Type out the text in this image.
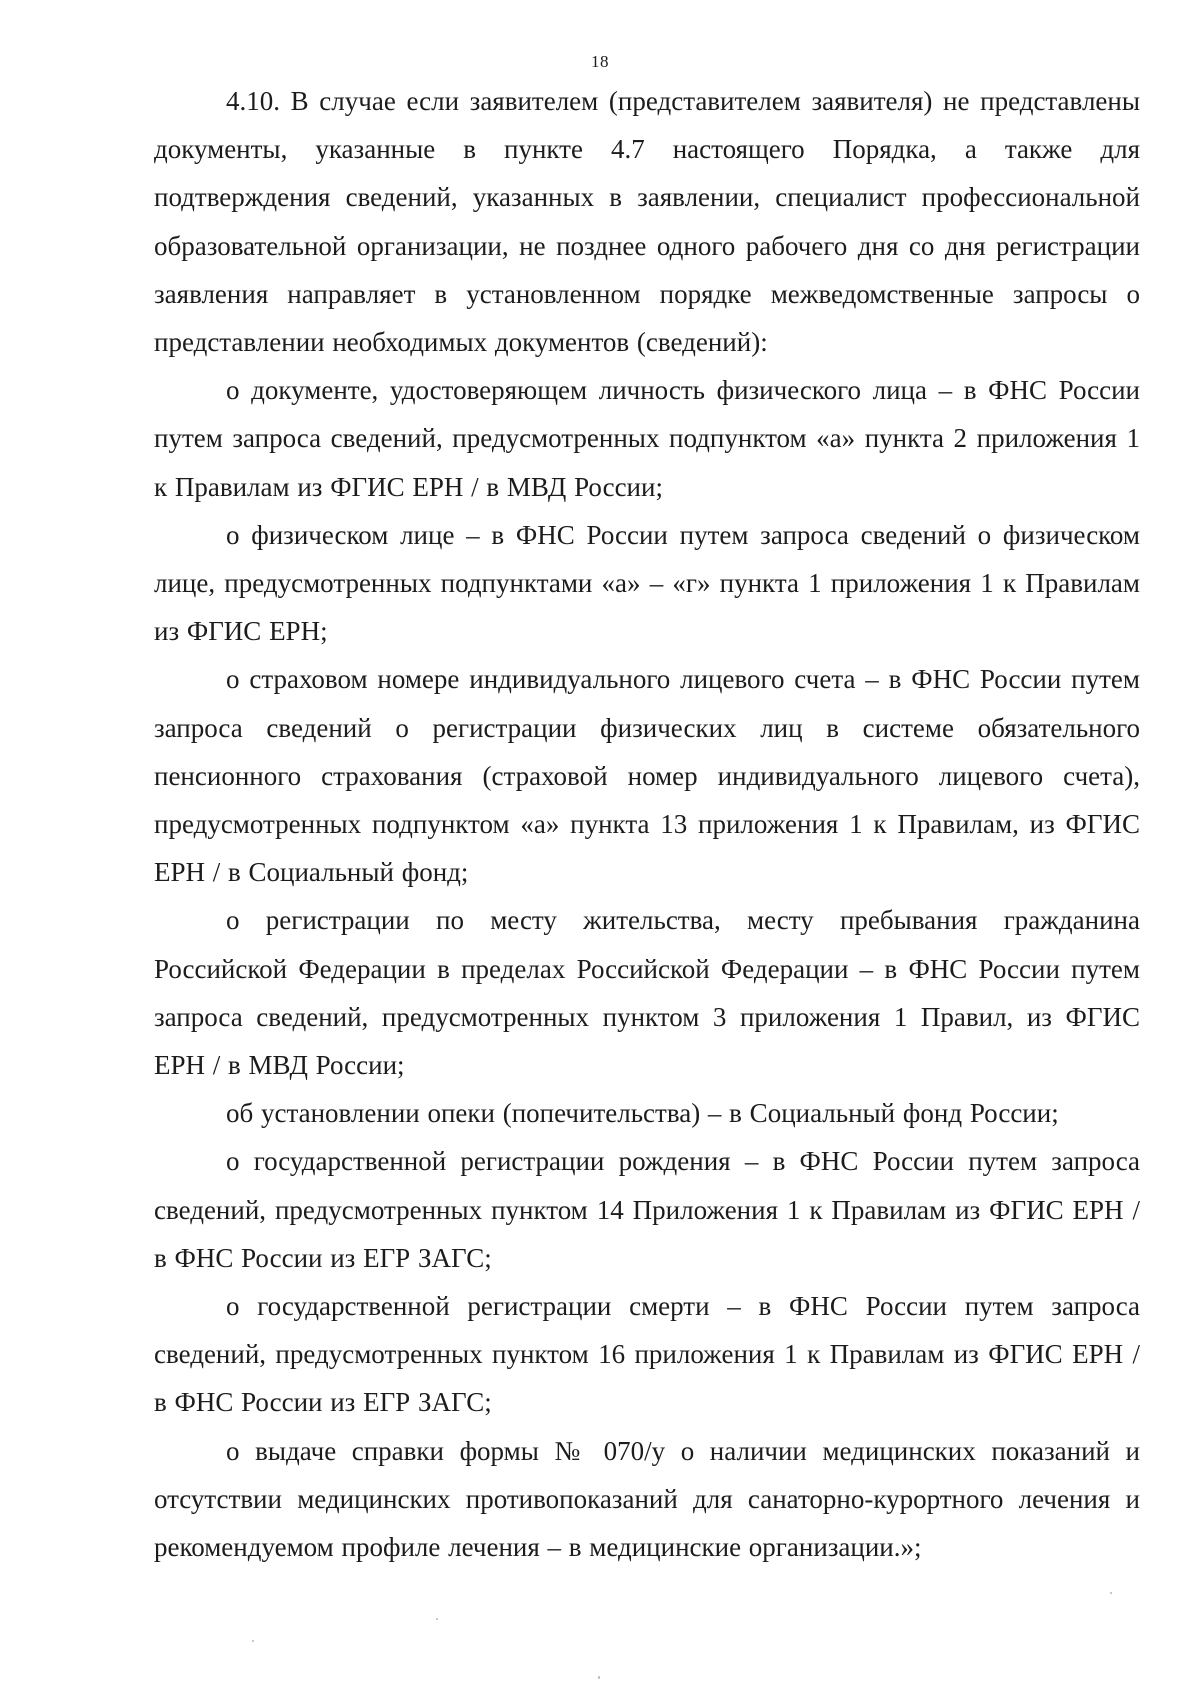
18

4.10. В случае если заявителем (представителем заявителя) не представлены документы, указанные в пункте 4.7 настоящего Порядка, а также для подтверждения сведений, указанных в заявлении, специалист профессиональной образовательной организации, не позднее одного рабочего дня со дня регистрации заявления направляет в установленном порядке межведомственные запросы о представлении необходимых документов (сведений):

о документе, удостоверяющем личность физического лица – в ФНС России путем запроса сведений, предусмотренных подпунктом «а» пункта 2 приложения 1 к Правилам из ФГИС ЕРН / в МВД России;

о физическом лице – в ФНС России путем запроса сведений о физическом лице, предусмотренных подпунктами «а» – «г» пункта 1 приложения 1 к Правилам из ФГИС ЕРН;

о страховом номере индивидуального лицевого счета – в ФНС России путем запроса сведений о регистрации физических лиц в системе обязательного пенсионного страхования (страховой номер индивидуального лицевого счета), предусмотренных подпунктом «а» пункта 13 приложения 1 к Правилам, из ФГИС ЕРН / в Социальный фонд;

о регистрации по месту жительства, месту пребывания гражданина Российской Федерации в пределах Российской Федерации – в ФНС России путем запроса сведений, предусмотренных пунктом 3 приложения 1 Правил, из ФГИС ЕРН / в МВД России;

об установлении опеки (попечительства) – в Социальный фонд России;

о государственной регистрации рождения – в ФНС России путем запроса сведений, предусмотренных пунктом 14 Приложения 1 к Правилам из ФГИС ЕРН / в ФНС России из ЕГР ЗАГС;

о государственной регистрации смерти – в ФНС России путем запроса сведений, предусмотренных пунктом 16 приложения 1 к Правилам из ФГИС ЕРН / в ФНС России из ЕГР ЗАГС;

о выдаче справки формы № 070/у о наличии медицинских показаний и отсутствии медицинских противопоказаний для санаторно-курортного лечения и рекомендуемом профиле лечения – в медицинские организации.»;
